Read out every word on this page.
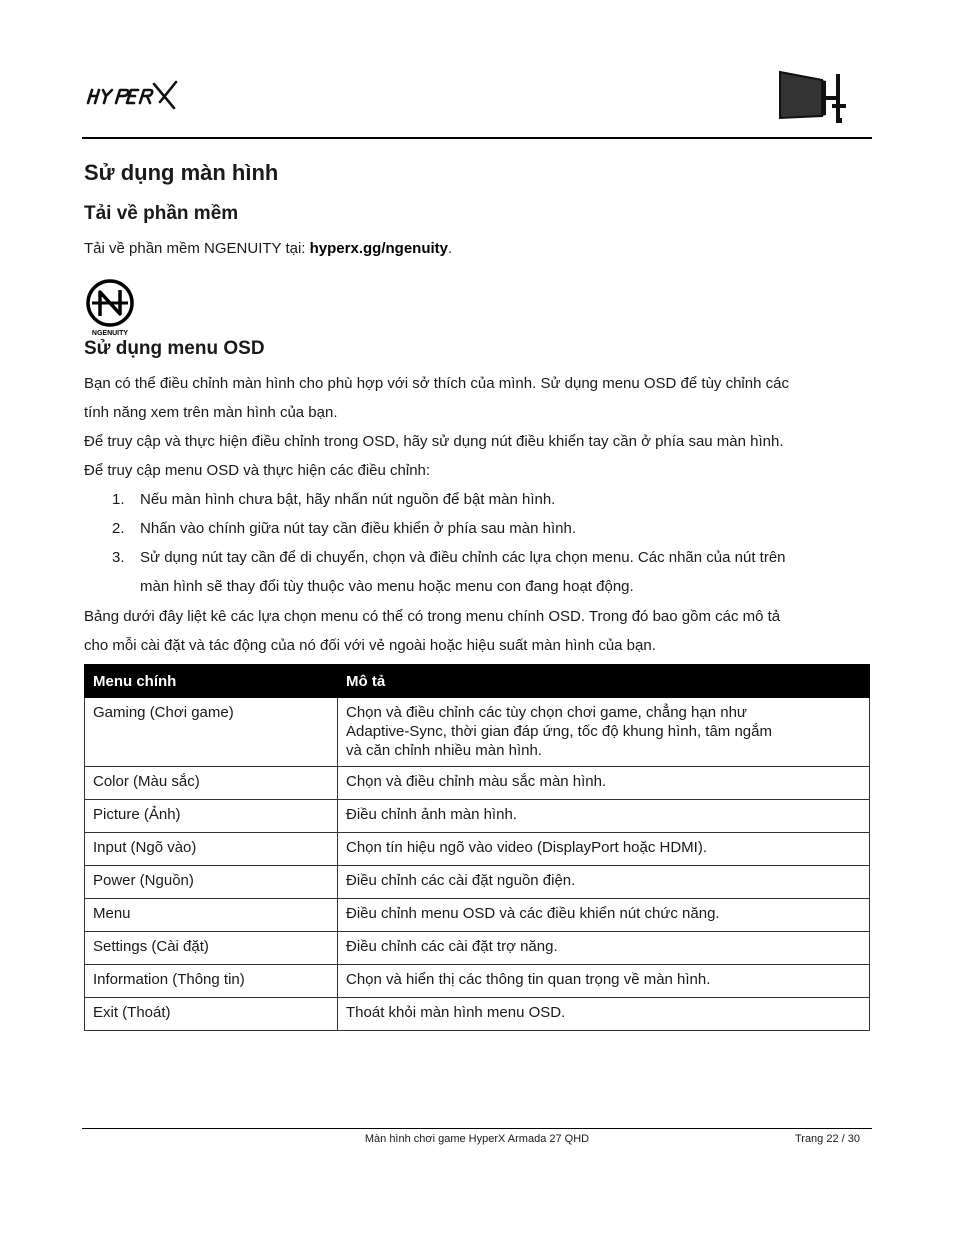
Sử dụng màn hình
Tải về phần mềm

Tải về phần mềm NGENUITY tại: hyperx.gg/ngenuity.

NGENUITY
Sử dụng menu OSD
Bạn có thể điều chỉnh màn hình cho phù hợp với sở thích của mình. Sử dụng menu OSD để tùy chỉnh các
tính năng xem trên màn hình của bạn.
Để truy cập và thực hiện điều chỉnh trong OSD, hãy sử dụng nút điều khiển tay cần ở phía sau màn hình.
Để truy cập menu OSD và thực hiện các điều chỉnh:
1. Nếu màn hình chưa bật, hãy nhấn nút nguồn để bật màn hình.
2. Nhấn vào chính giữa nút tay cần điều khiển ở phía sau màn hình.
3. Sử dụng nút tay cần để di chuyển, chọn và điều chỉnh các lựa chọn menu. Các nhãn của nút trên
màn hình sẽ thay đổi tùy thuộc vào menu hoặc menu con đang hoạt động.
Bảng dưới đây liệt kê các lựa chọn menu có thể có trong menu chính OSD. Trong đó bao gồm các mô tả
cho mỗi cài đặt và tác động của nó đối với vẻ ngoài hoặc hiệu suất màn hình của bạn.
Menu chính	Mô tả
Gaming (Chơi game)	Chọn và điều chỉnh các tùy chọn chơi game, chẳng hạn như
Adaptive-Sync, thời gian đáp ứng, tốc độ khung hình, tâm ngắm
và căn chỉnh nhiều màn hình.
Color (Màu sắc)	Chọn và điều chỉnh màu sắc màn hình.
Picture (Ảnh)	Điều chỉnh ảnh màn hình.
Input (Ngõ vào)	Chọn tín hiệu ngõ vào video (DisplayPort hoặc HDMI).
Power (Nguồn)	Điều chỉnh các cài đặt nguồn điện.
Menu	Điều chỉnh menu OSD và các điều khiển nút chức năng.
Settings (Cài đặt)	Điều chỉnh các cài đặt trợ năng.
Information (Thông tin)	Chọn và hiển thị các thông tin quan trọng về màn hình.
Exit (Thoát)	Thoát khỏi màn hình menu OSD.
Màn hình chơi game HyperX Armada 27 QHD	Trang 22 / 30
